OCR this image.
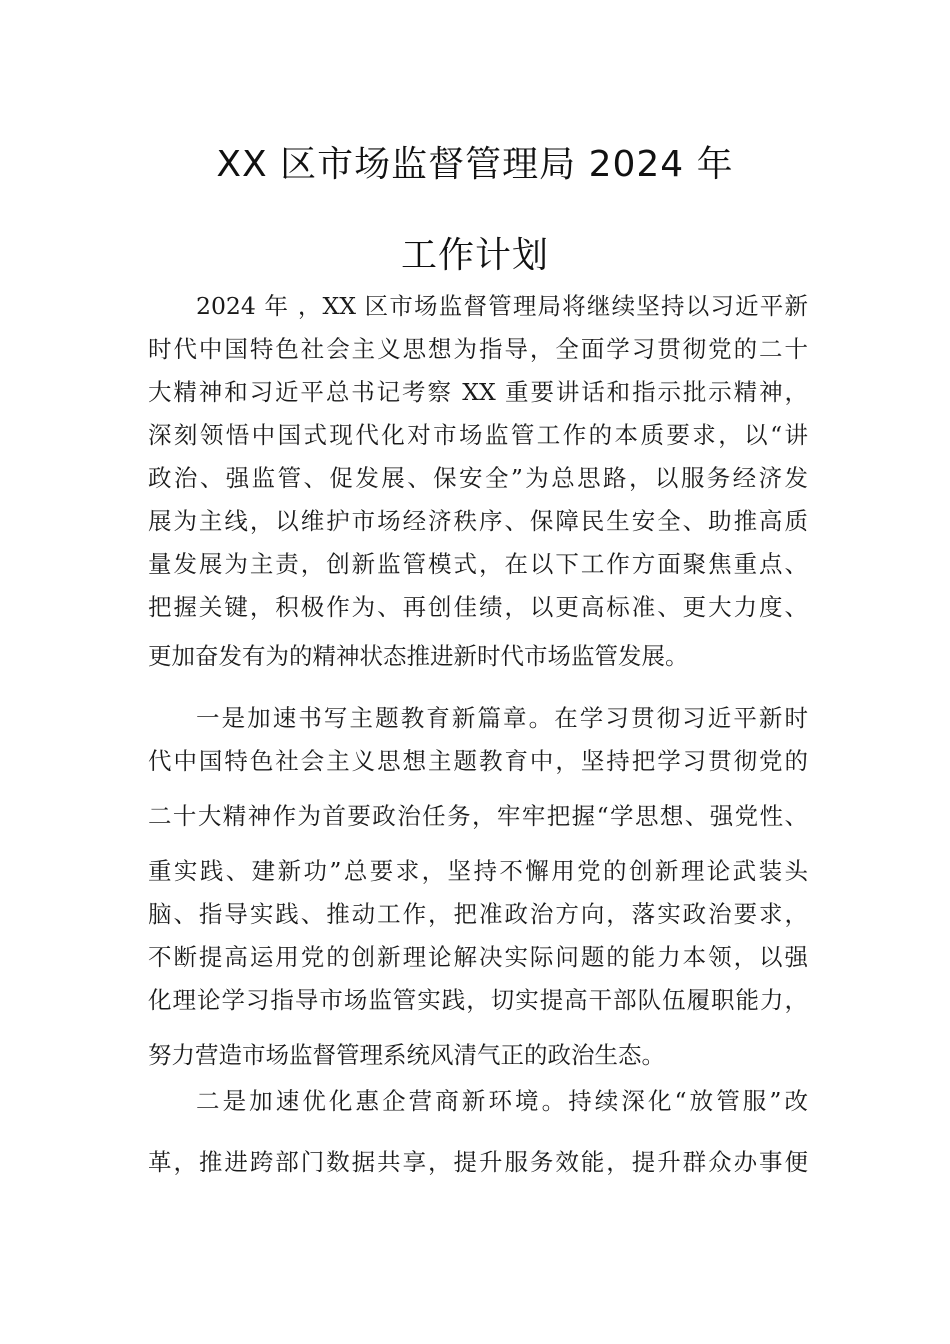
XX 区市场监督管理局 2024 年
工作计划
2024 年 ，XX 区市场监督管理局将继续坚持以习近平新
时代中国特色社会主义思想为指导，全面学习贯彻党的二十
大精神和习近平总书记考察 XX 重要讲话和指示批示精神，
深刻领悟中国式现代化对市场监管工作的本质要求，以“讲
政治、强监管、促发展、保安全”为总思路，以服务经济发
展为主线，以维护市场经济秩序、保障民生安全、助推高质
量发展为主责，创新监管模式，在以下工作方面聚焦重点、
把握关键，积极作为、再创佳绩，以更高标准、更大力度、
更加奋发有为的精神状态推进新时代市场监管发展。
一是加速书写主题教育新篇章。在学习贯彻习近平新时
代中国特色社会主义思想主题教育中，坚持把学习贯彻党的
二十大精神作为首要政治任务，牢牢把握“学思想、强党性、
重实践、建新功”总要求，坚持不懈用党的创新理论武装头
脑、指导实践、推动工作，把准政治方向，落实政治要求，
不断提高运用党的创新理论解决实际问题的能力本领，以强
化理论学习指导市场监管实践，切实提高干部队伍履职能力，
努力营造市场监督管理系统风清气正的政治生态。
二是加速优化惠企营商新环境。持续深化“放管服”改
革，推进跨部门数据共享，提升服务效能，提升群众办事便
